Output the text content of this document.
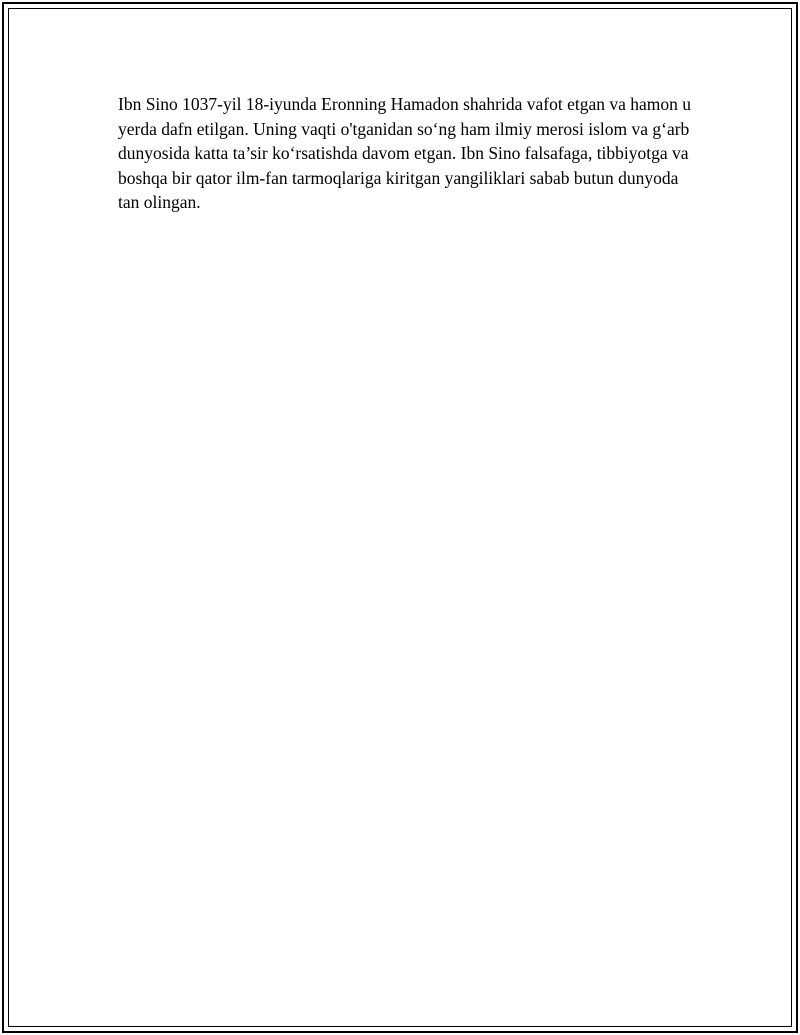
Ibn Sino 1037-yil 18-iyunda Eronning Hamadon shahrida vafot etgan va hamon u yerda dafn etilgan. Uning vaqti o'tganidan so‘ng ham ilmiy merosi islom va g‘arb dunyosida katta ta’sir ko‘rsatishda davom etgan. Ibn Sino falsafaga, tibbiyotga va boshqa bir qator ilm-fan tarmoqlariga kiritgan yangiliklari sabab butun dunyoda tan olingan.
